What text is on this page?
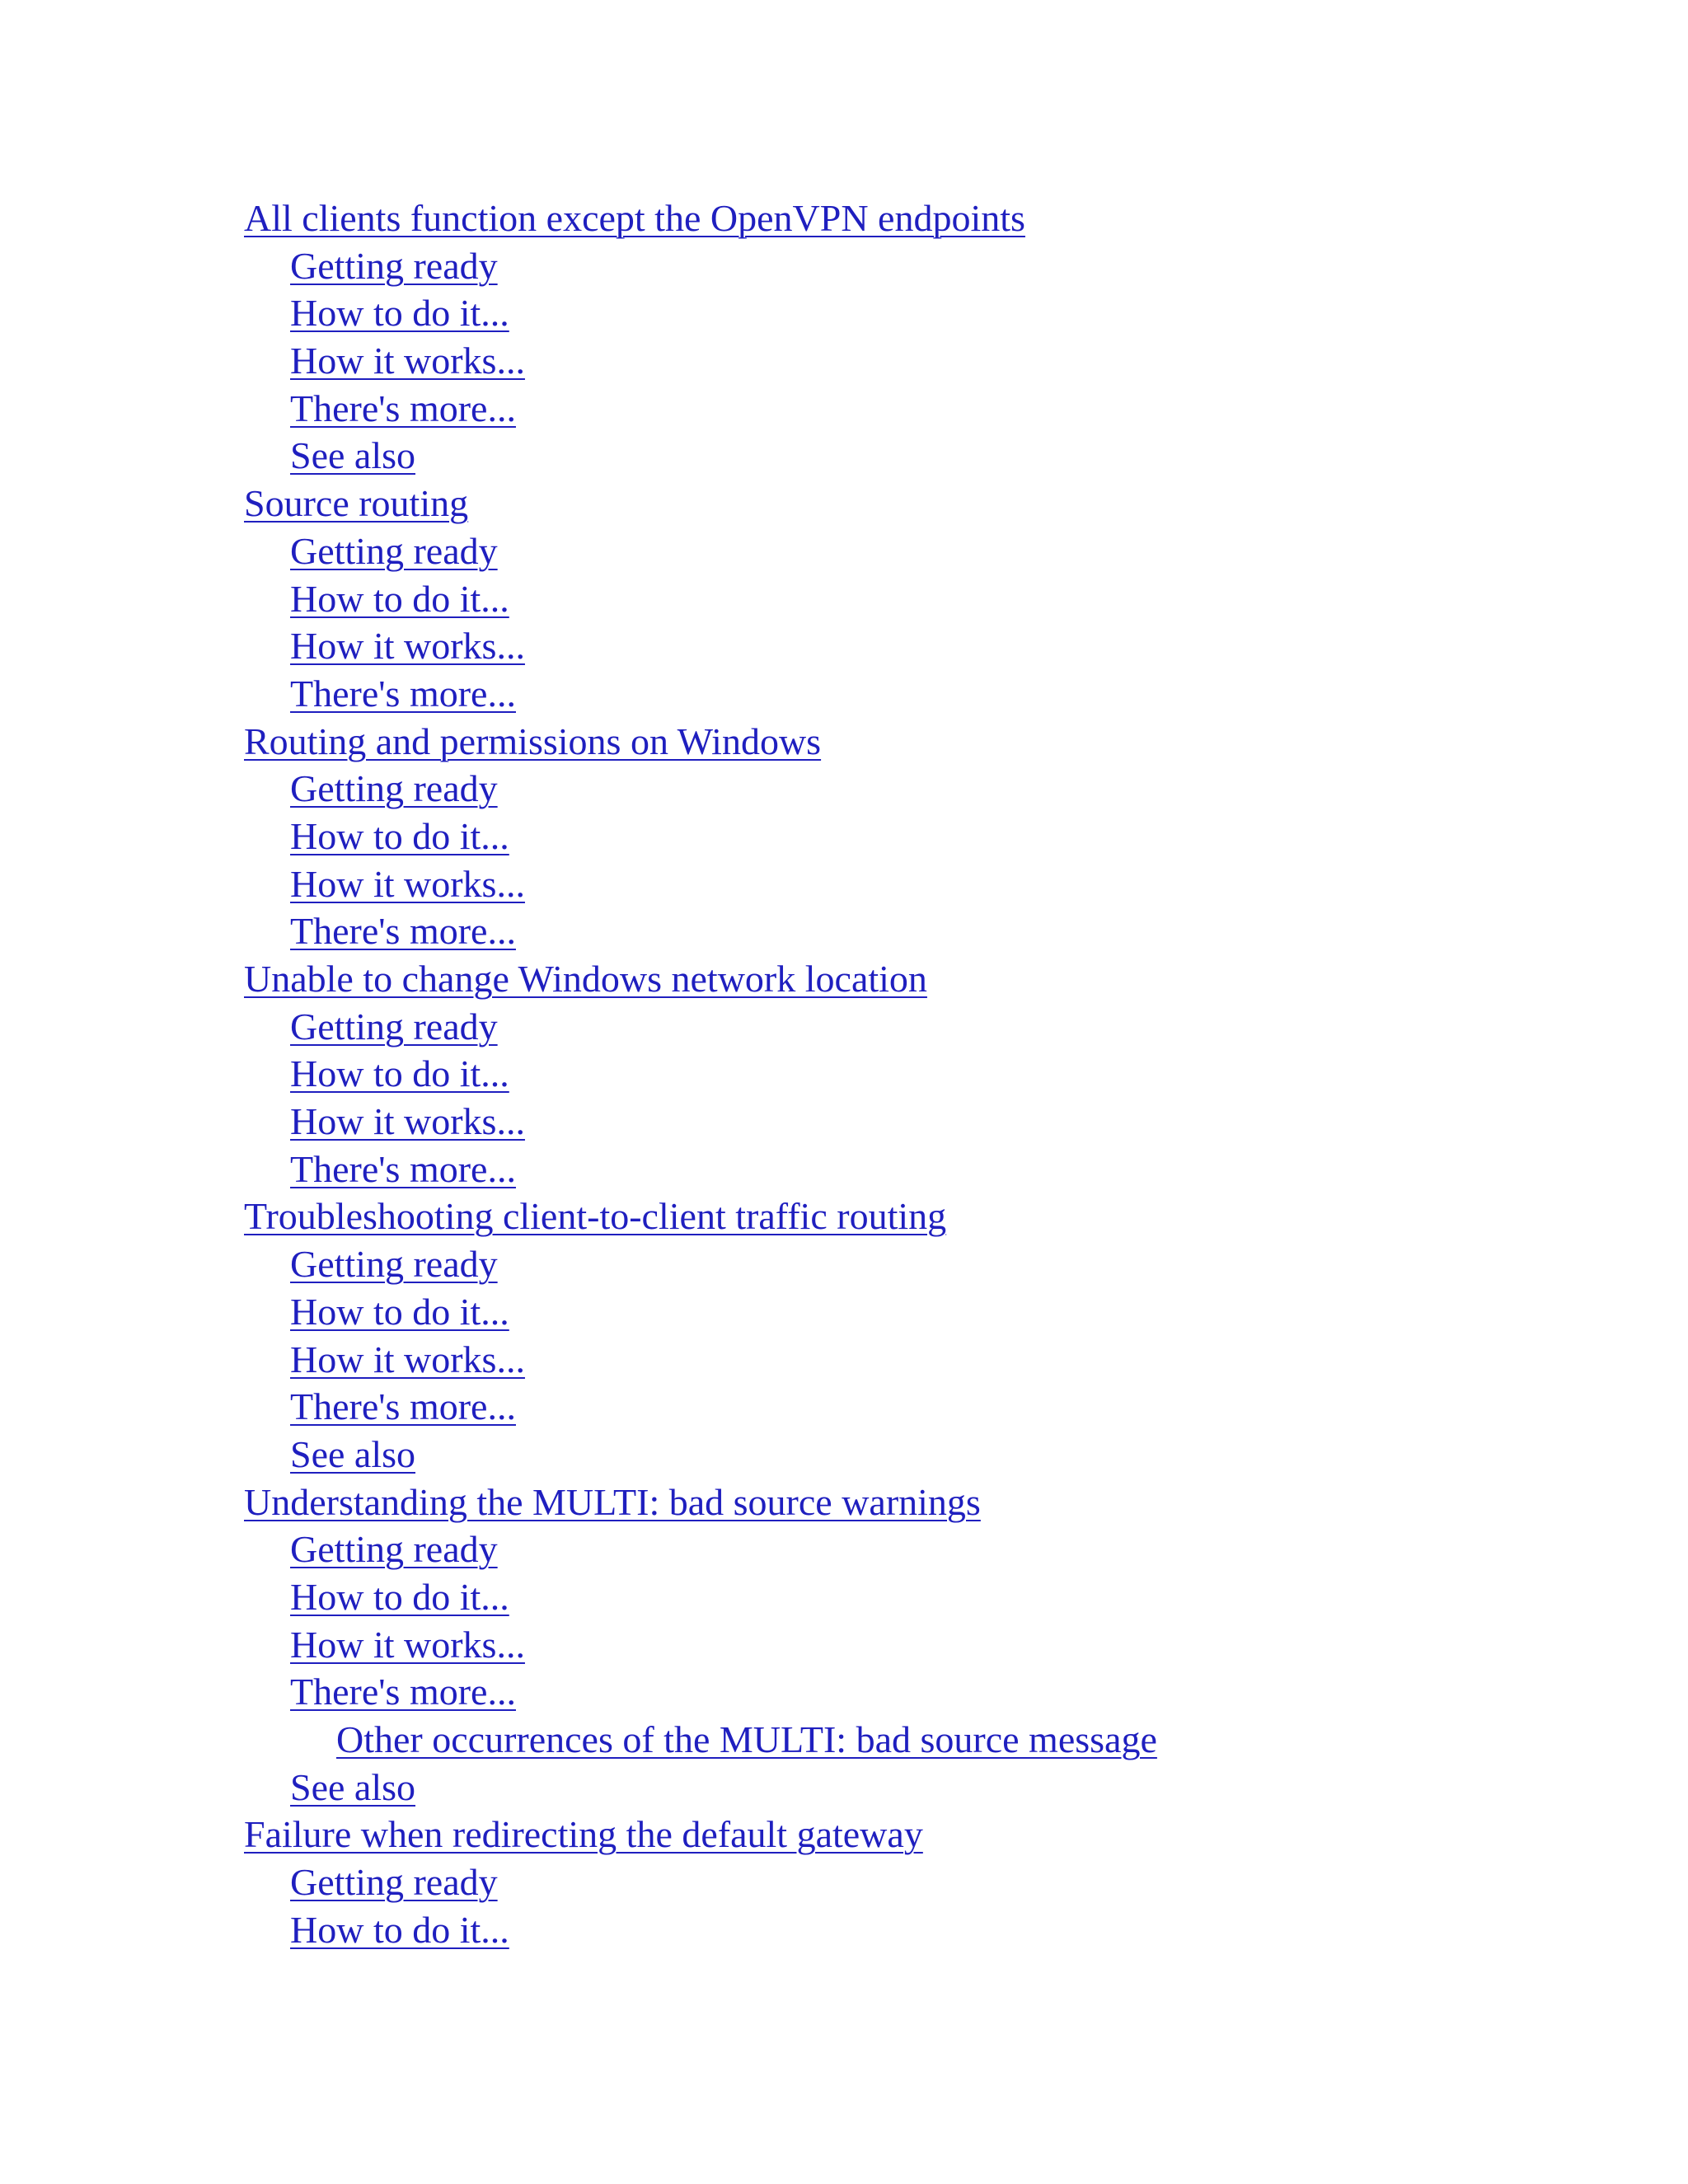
All clients function except the OpenVPN endpoints
Getting ready
How to do it...
How it works...
There's more...
See also
Source routing
Getting ready
How to do it...
How it works...
There's more...
Routing and permissions on Windows
Getting ready
How to do it...
How it works...
There's more...
Unable to change Windows network location
Getting ready
How to do it...
How it works...
There's more...
Troubleshooting client-to-client traffic routing
Getting ready
How to do it...
How it works...
There's more...
See also
Understanding the MULTI: bad source warnings
Getting ready
How to do it...
How it works...
There's more...
Other occurrences of the MULTI: bad source message
See also
Failure when redirecting the default gateway
Getting ready
How to do it...
